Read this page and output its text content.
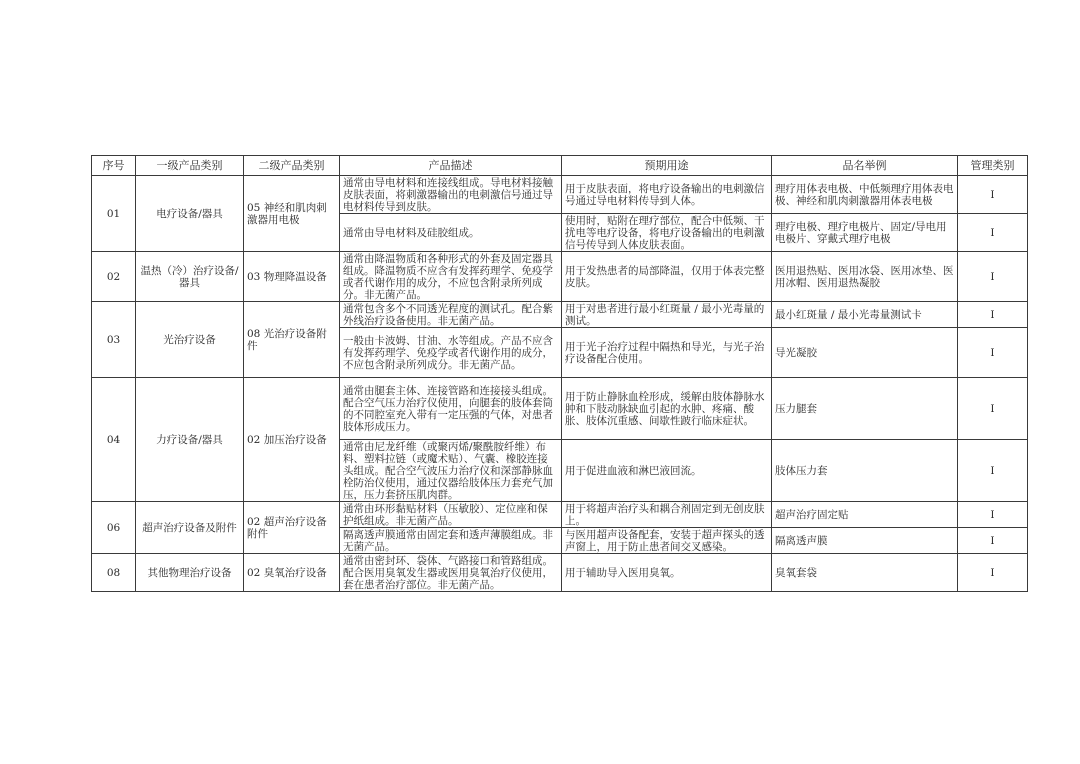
序号	一级产品类别	二级产品类别	产品描述	预期用途	品名举例	管理类别
01	电疗设备/器具	05 神经和肌肉刺激器用电极	通常由导电材料和连接线组成。导电材料接触皮肤表面，将刺激器输出的电刺激信号通过导电材料传导到皮肤。	用于皮肤表面，将电疗设备输出的电刺激信号通过导电材料传导到人体。	理疗用体表电极、中低频理疗用体表电极、神经和肌肉刺激器用体表电极	I
			通常由导电材料及硅胶组成。	使用时，贴附在理疗部位，配合中低频、干扰电等电疗设备，将电疗设备输出的电刺激信号传导到人体皮肤表面。	理疗电极、理疗电极片、固定/导电用电极片、穿戴式理疗电极	I
02	温热（冷）治疗设备/器具	03 物理降温设备	通常由降温物质和各种形式的外套及固定器具组成。降温物质不应含有发挥药理学、免疫学或者代谢作用的成分，不应包含附录所列成分。非无菌产品。	用于发热患者的局部降温，仅用于体表完整皮肤。	医用退热贴、医用冰袋、医用冰垫、医用冰帽、医用退热凝胶	I
03	光治疗设备	08 光治疗设备附件	通常包含多个不同透光程度的测试孔。配合紫外线治疗设备使用。非无菌产品。	用于对患者进行最小红斑量 / 最小光毒量的测试。	最小红斑量 / 最小光毒量测试卡	I
			一般由卡波姆、甘油、水等组成。产品不应含有发挥药理学、免疫学或者代谢作用的成分，不应包含附录所列成分。非无菌产品。	用于光子治疗过程中隔热和导光，与光子治疗设备配合使用。	导光凝胶	I
04	力疗设备/器具	02 加压治疗设备	通常由腿套主体、连接管路和连接接头组成。配合空气压力治疗仪使用，向腿套的肢体套筒的不同腔室充入带有一定压强的气体，对患者肢体形成压力。	用于防止静脉血栓形成，缓解由肢体静脉水肿和下肢动脉缺血引起的水肿、疼痛、酸胀、肢体沉重感、间歇性跛行临床症状。	压力腿套	I
			通常由尼龙纤维（或聚丙烯/聚酰胺纤维）布料、塑料拉链（或魔术贴）、气囊、橡胶连接头组成。配合空气波压力治疗仪和深部静脉血栓防治仪使用，通过仪器给肢体压力套充气加压，压力套挤压肌肉群。	用于促进血液和淋巴液回流。	肢体压力套	I
06	超声治疗设备及附件	02 超声治疗设备附件	通常由环形黏贴材料（压敏胶）、定位座和保护纸组成。非无菌产品。	用于将超声治疗头和耦合剂固定到无创皮肤上。	超声治疗固定贴	I
			隔离透声膜通常由固定套和透声薄膜组成。非无菌产品。	与医用超声设备配套，安装于超声探头的透声窗上，用于防止患者间交叉感染。	隔离透声膜	I
08	其他物理治疗设备	02 臭氧治疗设备	通常由密封环、袋体、气路接口和管路组成。配合医用臭氧发生器或医用臭氧治疗仪使用，套在患者治疗部位。非无菌产品。	用于辅助导入医用臭氧。	臭氧套袋	I
